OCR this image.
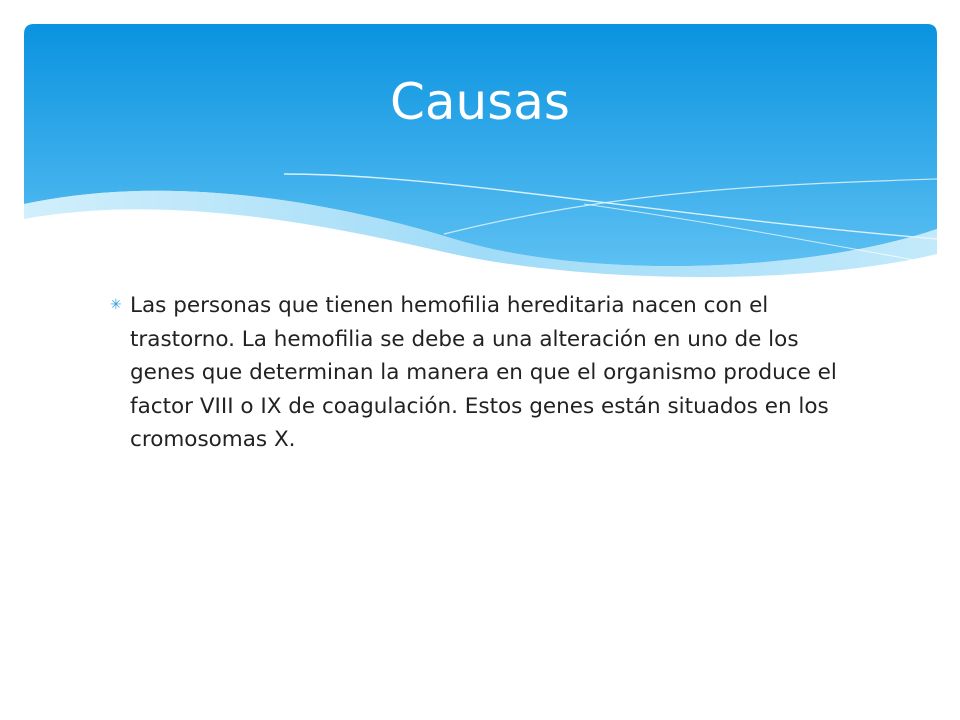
Causas
✳ Las personas que tienen hemofilia hereditaria nacen con el trastorno. La hemofilia se debe a una alteración en uno de los genes que determinan la manera en que el organismo produce el factor VIII o IX de coagulación. Estos genes están situados en los cromosomas X.
